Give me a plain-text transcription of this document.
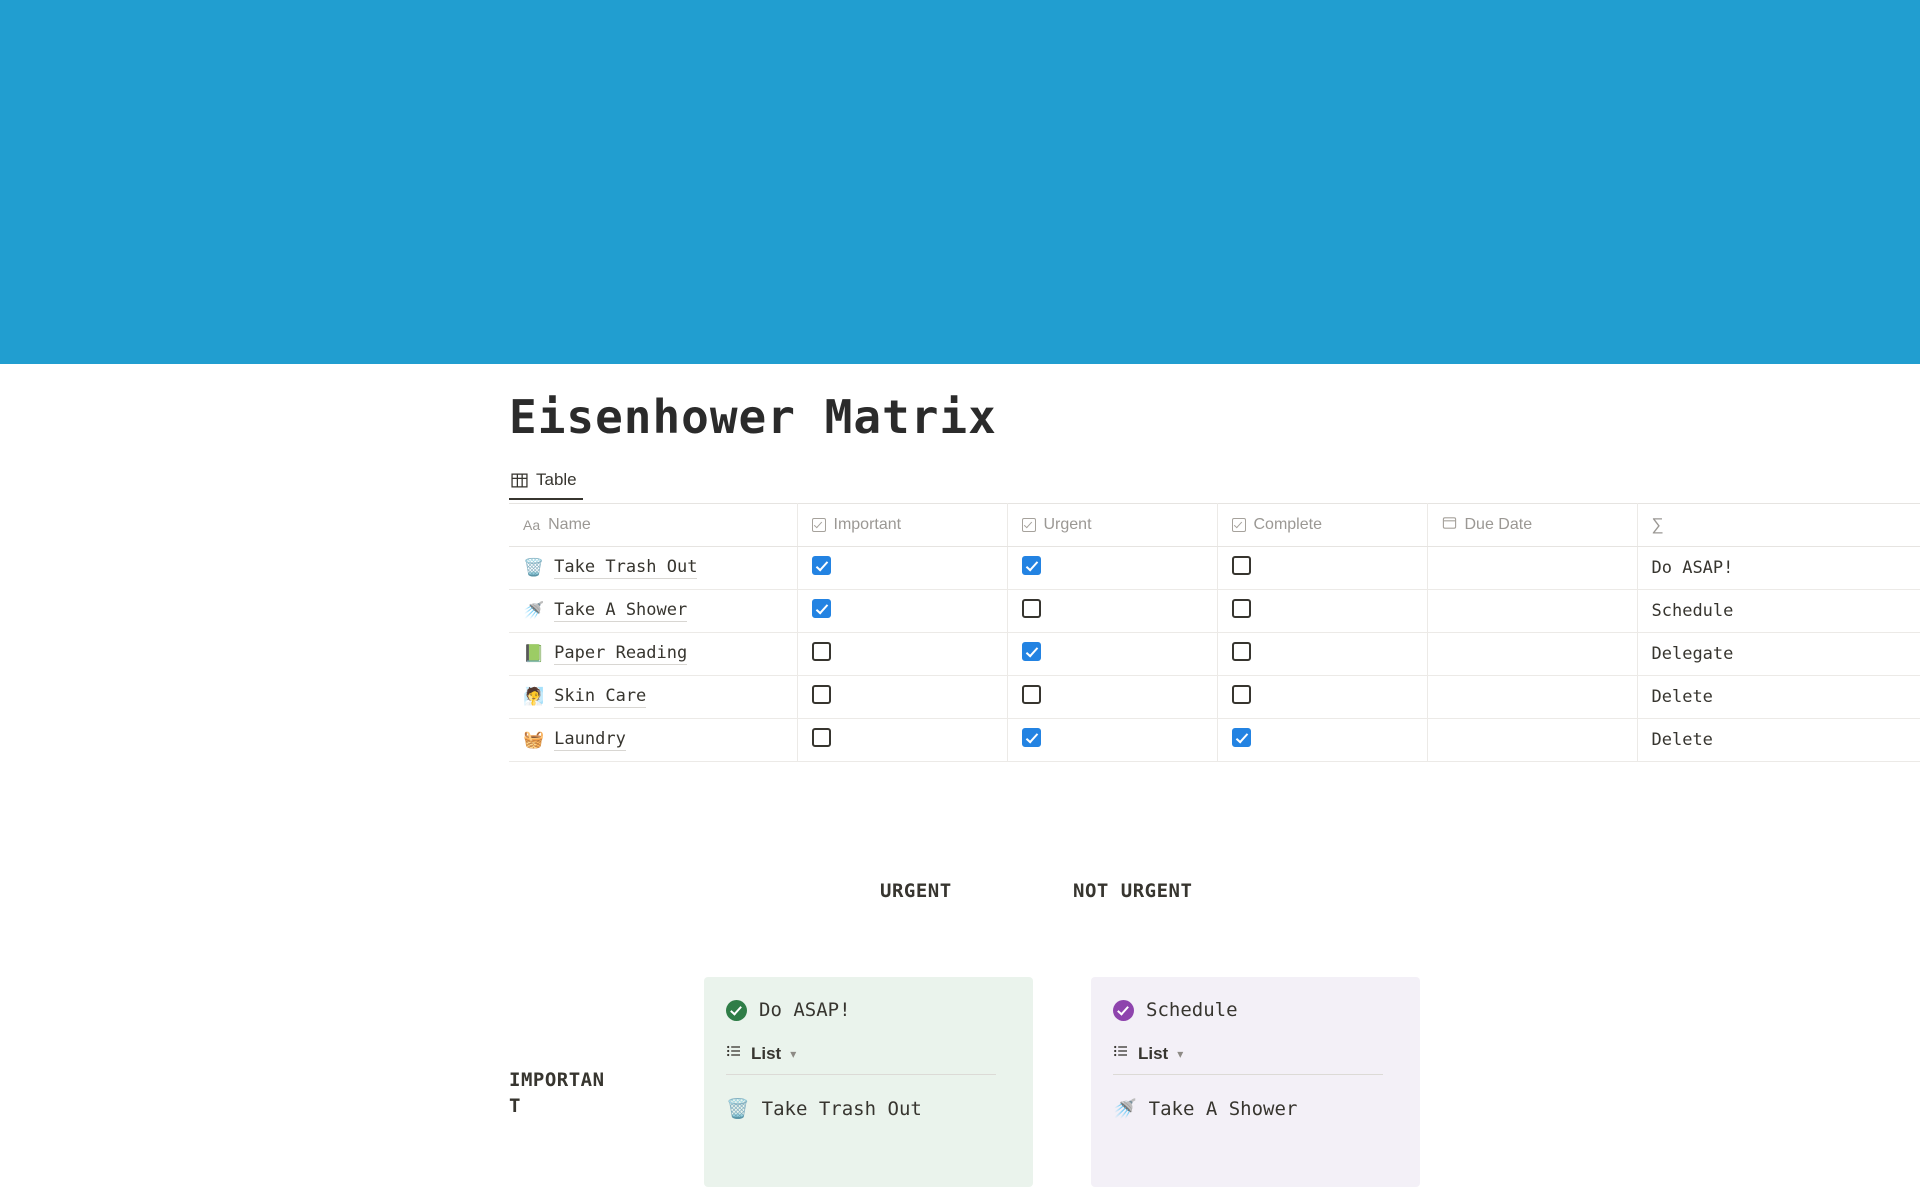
Eisenhower Matrix
Table
Aa Name	Important	Urgent	Complete	Due Date	∑

🗑️ Take Trash Out					Do ASAP!

🚿 Take A Shower					Schedule

📗 Paper Reading					Delegate

🧖 Skin Care					Delete

🧺 Laundry					Delete
URGENT	NOT URGENT
IMPORTANT
Do ASAP!
List ▾
🗑️ Take Trash Out
Schedule
List ▾
🚿 Take A Shower
